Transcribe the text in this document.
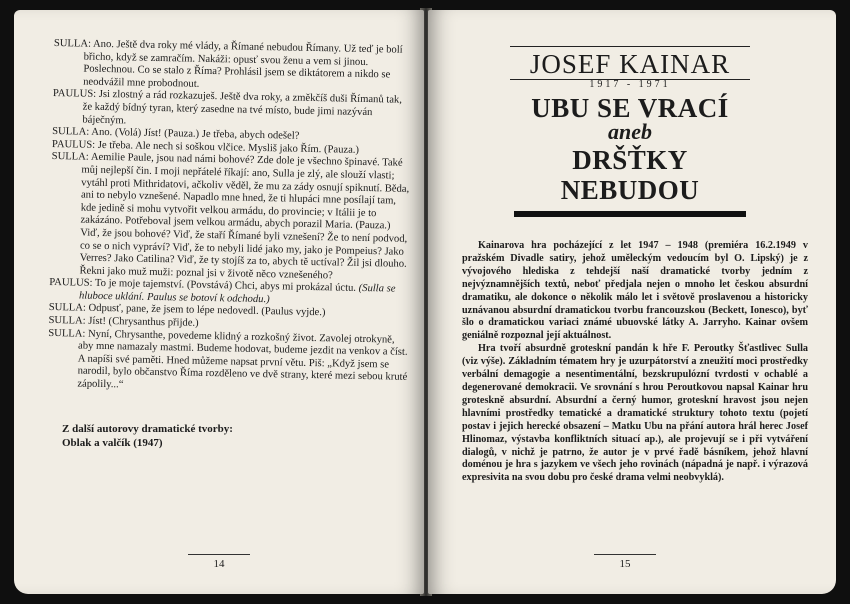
SULLA: Ano. Ještě dva roky mé vlády, a Římané nebudou Římany. Už teď je bolí břicho, když se zamračím. Nakáži: opusť svou ženu a vem si jinou. Poslechnou. Co se stalo z Říma? Prohlásil jsem se diktátorem a nikdo se neodvážil mne probodnout.

PAULUS: Jsi zlostný a rád rozkazuješ. Ještě dva roky, a změkčíš duši Římanů tak, že každý bídný tyran, který zasedne na tvé místo, bude jimi nazýván báječným.

SULLA: Ano. (Volá) Jíst! (Pauza.) Je třeba, abych odešel?

PAULUS: Je třeba. Ale nech si soškou vlčice. Mysliš jako Řím. (Pauza.)

SULLA: Aemilie Paule, jsou nad námi bohové? Zde dole je všechno špinavé. Také můj nejlepší čin. I moji nepřátelé říkají: ano, Sulla je zlý, ale slouží vlasti; vytáhl proti Mithridatovi, ačkoliv věděl, že mu za zády osnují spiknutí. Běda, ani to nebylo vznešené. Napadlo mne hned, že ti hlupáci mne posílají tam, kde jedině si mohu vytvořit velkou armádu, do provincie; v Itálii je to zakázáno. Potřeboval jsem velkou armádu, abych porazil Maria. (Pauza.) Viď, že jsou bohové? Viď, že staří Římané byli vznešení? Že to není podvod, co se o nich vypráví? Viď, že to nebyli lidé jako my, jako je Pompeius? Jako Verres? Jako Catilina? Viď, že ty stojíš za to, abych tě uctíval? Žil jsi dlouho. Řekni jako muž muži: poznal jsi v životě něco vznešeného?

PAULUS: To je moje tajemství. (Povstává) Chci, abys mi prokázal úctu. (Sulla se hluboce uklání. Paulus se botoví k odchodu.)

SULLA: Odpusť, pane, že jsem to lépe nedovedl. (Paulus vyjde.)

SULLA: Jíst! (Chrysanthus přijde.)

SULLA: Nyní, Chrysanthe, povedeme klidný a rozkošný život. Zavolej otrokyně, aby mne namazaly mastmi. Budeme hodovat, budeme jezdit na venkov a číst. A napíši své paměti. Hned můžeme napsat první větu. Piš: „Když jsem se narodil, bylo občanstvo Říma rozděleno ve dvě strany, které mezi sebou kruté zápolily...“

Z další autorovy dramatické tvorby:
Oblak a valčík (1947)
14
JOSEF KAINAR
1917 - 1971
UBU SE VRACÍ
aneb
DRŠŤKY
NEBUDOU

Kainarova hra pocházející z let 1947 – 1948 (premiéra 16.2.1949 v pražském Divadle satiry, jehož uměleckým vedoucím byl O. Lipský) je z vývojového hlediska z tehdejší naší dramatické tvorby jedním z nejvýznamnějších textů, neboť předjala nejen o mnoho let českou absurdní dramatiku, ale dokonce o několik málo let i světově proslavenou a historicky uznávanou absurdní dramatickou tvorbu francouzskou (Beckett, Ionesco), byť šlo o dramatickou variaci známé ubuovské látky A. Jarryho. Kainar ovšem geniálně rozpoznal její aktuálnost.

Hra tvoří absurdně groteskní pandán k hře F. Peroutky Šťastlivec Sulla (viz výše). Základním tématem hry je uzurpátorství a zneužití moci prostředky verbální demagogie a nesentimentální, bezskrupulózní tvrdosti v ochablé a degenerované demokracii. Ve srovnání s hrou Peroutkovou napsal Kainar hru groteskně absurdní. Absurdní a černý humor, groteskní hravost jsou nejen hlavními prostředky tematické a dramatické struktury tohoto textu (pojetí postav i jejich herecké obsazení – Matku Ubu na přání autora hrál herec Josef Hlinomaz, výstavba konfliktních situací ap.), ale projevují se i při vytváření dialogů, v nichž je patrno, že autor je v prvé řadě básníkem, jehož hlavní doménou je hra s jazykem ve všech jeho rovinách (nápadná je např. i výrazová expresivita na svou dobu pro české drama velmi neobvyklá).

15
